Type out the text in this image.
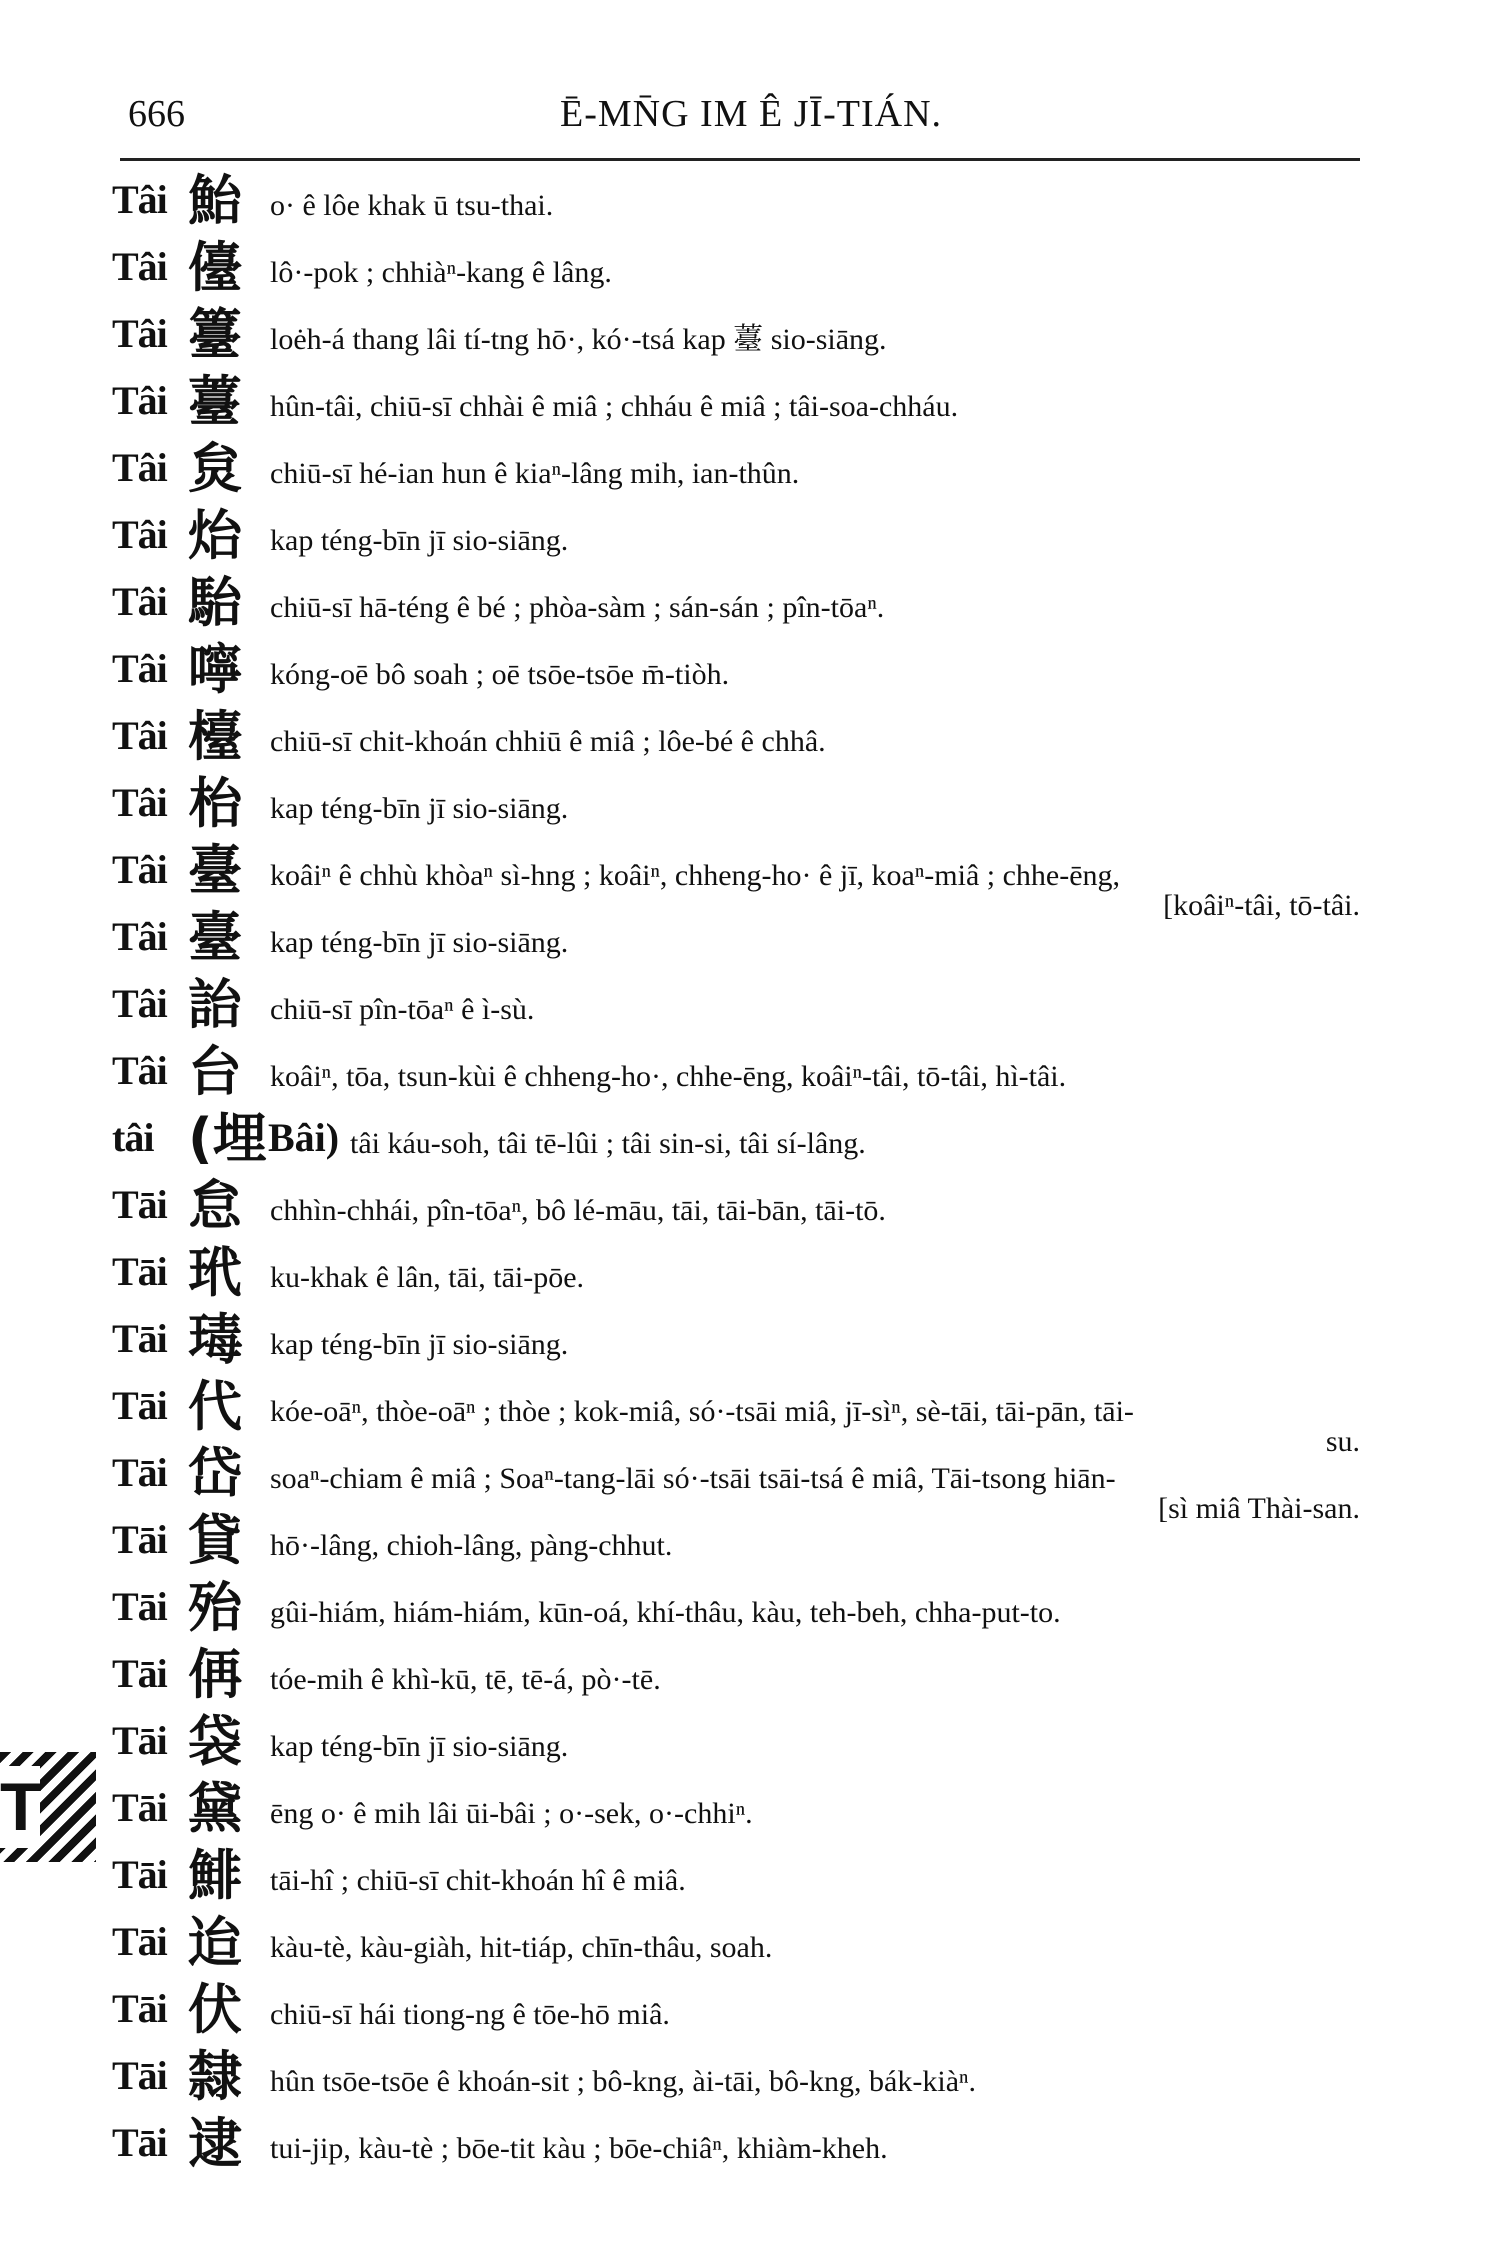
666	Ē-MN̄G IM Ê JĪ-TIÁN.
T
Tâi 鮐 o· ê lôe khak ū tsu-thai.
Tâi 儓 lô·-pok ; chhiàⁿ-kang ê lâng.
Tâi 籉 loėh-á thang lâi tí-tng hō·, kó·-tsá kap 薹 sio-siāng.
Tâi 薹 hûn-tâi, chiū-sī chhài ê miâ ; chháu ê miâ ; tâi-soa-chháu.
Tâi 炱 chiū-sī hé-ian hun ê kiaⁿ-lâng mih, ian-thûn.
Tâi 炲 kap téng-bīn jī sio-siāng.
Tâi 駘 chiū-sī hā-téng ê bé ; phòa-sàm ; sán-sán ; pîn-tōaⁿ.
Tâi 嚀 kóng-oē bô soah ; oē tsōe-tsōe m̄-tiòh.
Tâi 檯 chiū-sī chit-khoán chhiū ê miâ ; lôe-bé ê chhâ.
Tâi 枱 kap téng-bīn jī sio-siāng.
Tâi 臺 koâiⁿ ê chhù khòaⁿ sì-hng ; koâiⁿ, chheng-ho· ê jī, koaⁿ-miâ ; chhe-ēng,
[koâiⁿ-tâi, tō-tâi.
Tâi 臺 kap téng-bīn jī sio-siāng.
Tâi 詒 chiū-sī pîn-tōaⁿ ê ì-sù.
Tâi 台 koâiⁿ, tōa, tsun-kùi ê chheng-ho·, chhe-ēng, koâiⁿ-tâi, tō-tâi, hì-tâi.
tâi (埋 Bâi) tâi káu-soh, tâi tē-lûi ; tâi sin-si, tâi sí-lâng.
Tāi 怠 chhìn-chhái, pîn-tōaⁿ, bô lé-māu, tāi, tāi-bān, tāi-tō.
Tāi 玳 ku-khak ê lân, tāi, tāi-pōe.
Tāi 瑇 kap téng-bīn jī sio-siāng.
Tāi 代 kóe-oāⁿ, thòe-oāⁿ ; thòe ; kok-miâ, só·-tsāi miâ, jī-sìⁿ, sè-tāi, tāi-pān, tāi-
su.
Tāi 岱 soaⁿ-chiam ê miâ ; Soaⁿ-tang-lāi só·-tsāi tsāi-tsá ê miâ, Tāi-tsong hiān-
[sì miâ Thài-san.
Tāi 貸 hō·-lâng, chioh-lâng, pàng-chhut.
Tāi 殆 gûi-hiám, hiám-hiám, kūn-oá, khí-thâu, kàu, teh-beh, chha-put-to.
Tāi 侢 tóe-mih ê khì-kū, tē, tē-á, pò·-tē.
Tāi 袋 kap téng-bīn jī sio-siāng.
Tāi 黛 ēng o· ê mih lâi ūi-bâi ; o·-sek, o·-chhiⁿ.
Tāi 鯡 tāi-hî ; chiū-sī chit-khoán hî ê miâ.
Tāi 迨 kàu-tè, kàu-giàh, hit-tiáp, chīn-thâu, soah.
Tāi 伏 chiū-sī hái tiong-ng ê tōe-hō miâ.
Tāi 隸 hûn tsōe-tsōe ê khoán-sit ; bô-kng, ài-tāi, bô-kng, bák-kiàⁿ.
Tāi 逮 tui-jip, kàu-tè ; bōe-tit kàu ; bōe-chiâⁿ, khiàm-kheh.
